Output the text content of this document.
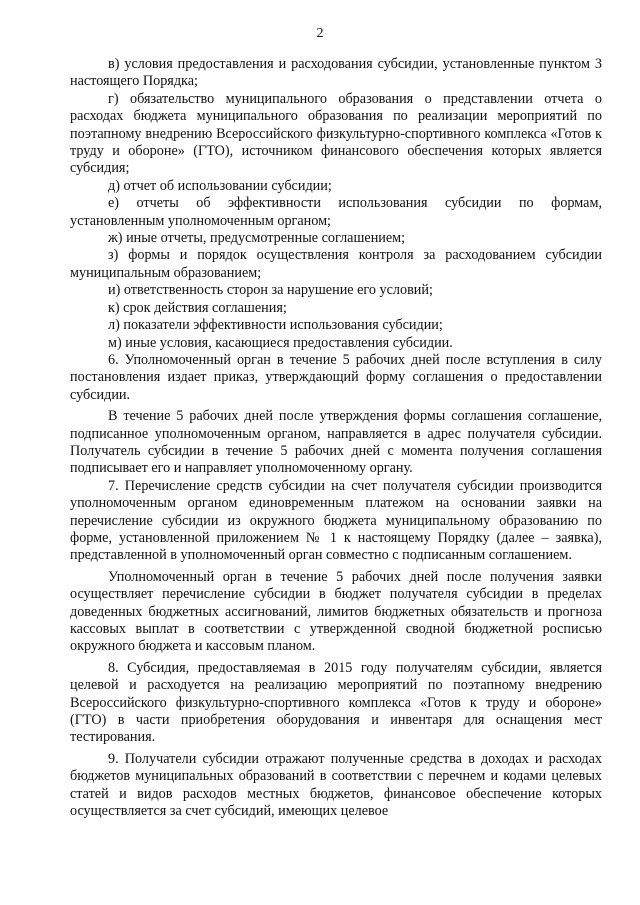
2

в) условия предоставления и расходования субсидии, установленные пунктом 3 настоящего Порядка;

г) обязательство муниципального образования о представлении отчета о расходах бюджета муниципального образования по реализации мероприятий по поэтапному внедрению Всероссийского физкультурно-спортивного комплекса «Готов к труду и обороне» (ГТО), источником финансового обеспечения которых является субсидия;

д) отчет об использовании субсидии;

е) отчеты об эффективности использования субсидии по формам, установленным уполномоченным органом;

ж) иные отчеты, предусмотренные соглашением;

з) формы и порядок осуществления контроля за расходованием субсидии муниципальным образованием;

и) ответственность сторон за нарушение его условий;

к) срок действия соглашения;

л) показатели эффективности использования субсидии;

м) иные условия, касающиеся предоставления субсидии.

6. Уполномоченный орган в течение 5 рабочих дней после вступления в силу постановления издает приказ, утверждающий форму соглашения о предоставлении субсидии.

В течение 5 рабочих дней после утверждения формы соглашения соглашение, подписанное уполномоченным органом, направляется в адрес получателя субсидии. Получатель субсидии в течение 5 рабочих дней с момента получения соглашения подписывает его и направляет уполномоченному органу.

7. Перечисление средств субсидии на счет получателя субсидии производится уполномоченным органом единовременным платежом на основании заявки на перечисление субсидии из окружного бюджета муниципальному образованию по форме, установленной приложением № 1 к настоящему Порядку (далее – заявка), представленной в уполномоченный орган совместно с подписанным соглашением.

Уполномоченный орган в течение 5 рабочих дней после получения заявки осуществляет перечисление субсидии в бюджет получателя субсидии в пределах доведенных бюджетных ассигнований, лимитов бюджетных обязательств и прогноза кассовых выплат в соответствии с утвержденной сводной бюджетной росписью окружного бюджета и кассовым планом.

8. Субсидия, предоставляемая в 2015 году получателям субсидии, является целевой и расходуется на реализацию мероприятий по поэтапному внедрению Всероссийского физкультурно-спортивного комплекса «Готов к труду и обороне» (ГТО) в части приобретения оборудования и инвентаря для оснащения мест тестирования.

9. Получатели субсидии отражают полученные средства в доходах и расходах бюджетов муниципальных образований в соответствии с перечнем и кодами целевых статей и видов расходов местных бюджетов, финансовое обеспечение которых осуществляется за счет субсидий, имеющих целевое
